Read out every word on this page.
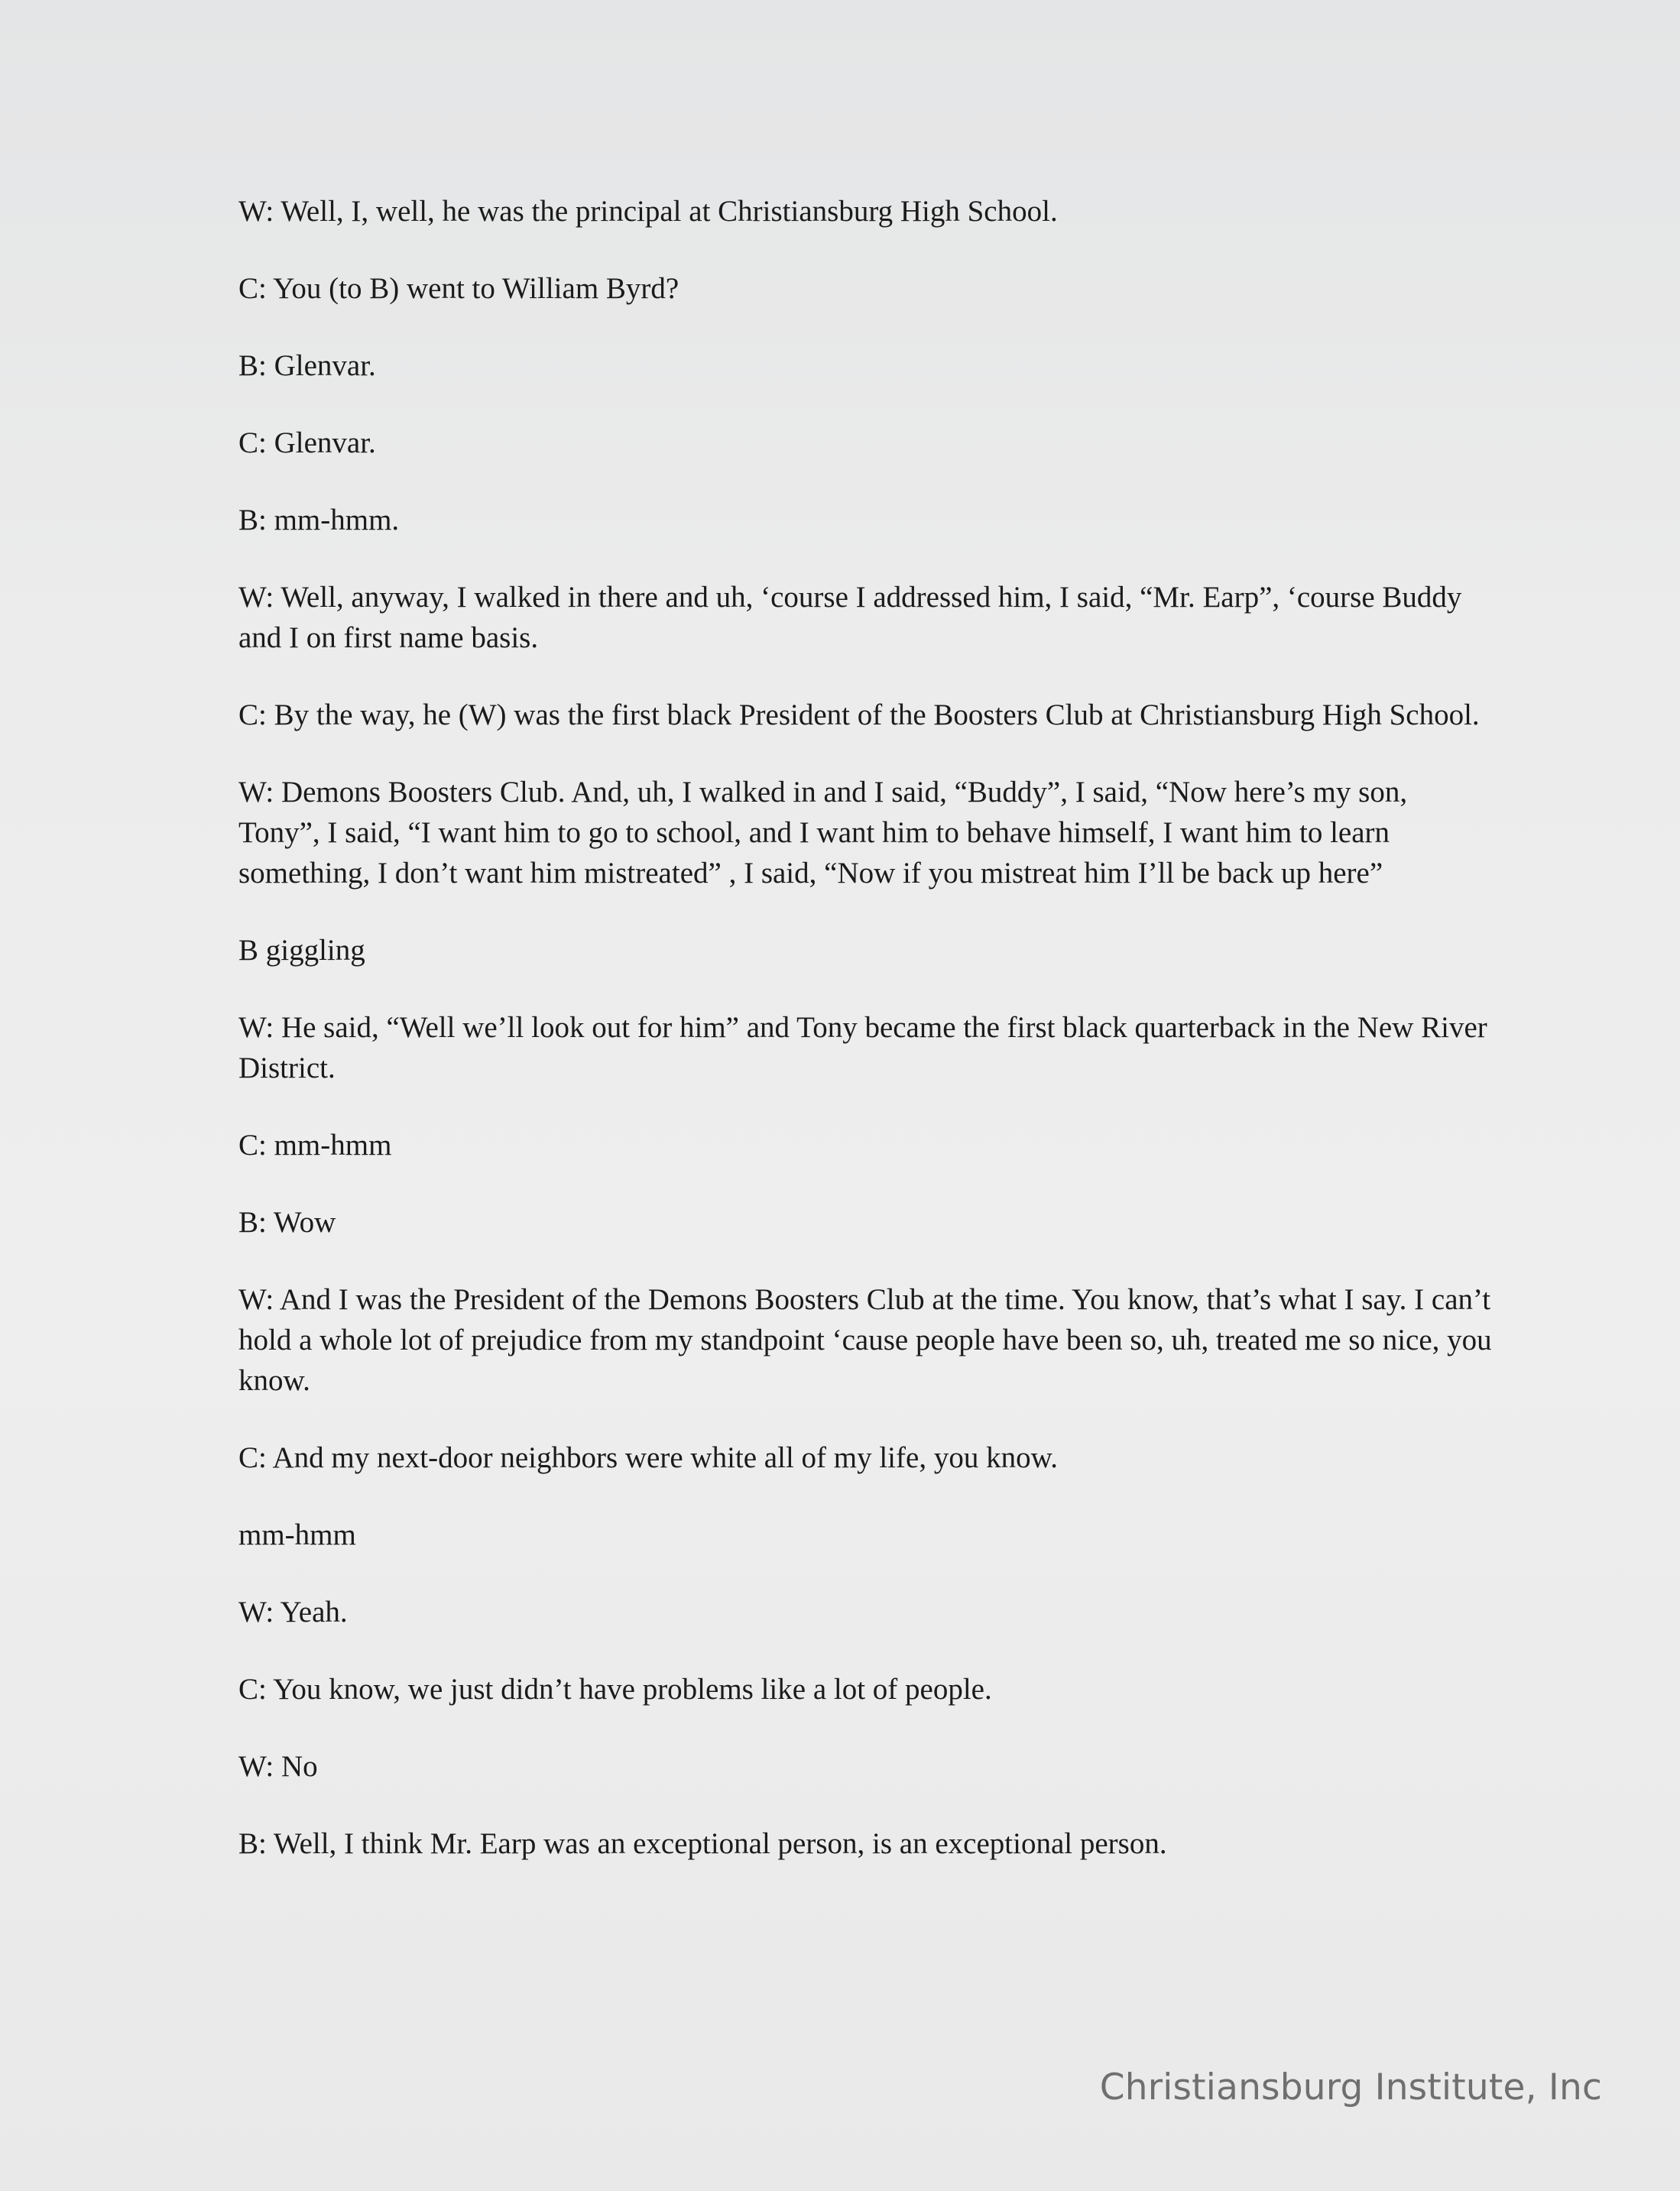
W: Well, I, well, he was the principal at Christiansburg High School.

C: You (to B) went to William Byrd?

B: Glenvar.

C: Glenvar.

B: mm-hmm.

W: Well, anyway, I walked in there and uh, ‘course I addressed him, I said, “Mr. Earp”, ‘course Buddy and I on first name basis.

C: By the way, he (W) was the first black President of the Boosters Club at Christiansburg High School.

W: Demons Boosters Club. And, uh, I walked in and I said, “Buddy”, I said, “Now here’s my son, Tony”, I said, “I want him to go to school, and I want him to behave himself, I want him to learn something, I don’t want him mistreated” , I said, “Now if you mistreat him I’ll be back up here”

B giggling

W: He said, “Well we’ll look out for him” and Tony became the first black quarterback in the New River District.

C: mm-hmm

B: Wow

W: And I was the President of the Demons Boosters Club at the time. You know, that’s what I say. I can’t hold a whole lot of prejudice from my standpoint ‘cause people have been so, uh, treated me so nice, you know.

C: And my next-door neighbors were white all of my life, you know.

mm-hmm

W: Yeah.

C: You know, we just didn’t have problems like a lot of people.

W: No

B: Well, I think Mr. Earp was an exceptional person, is an exceptional person.

Christiansburg Institute, Inc
